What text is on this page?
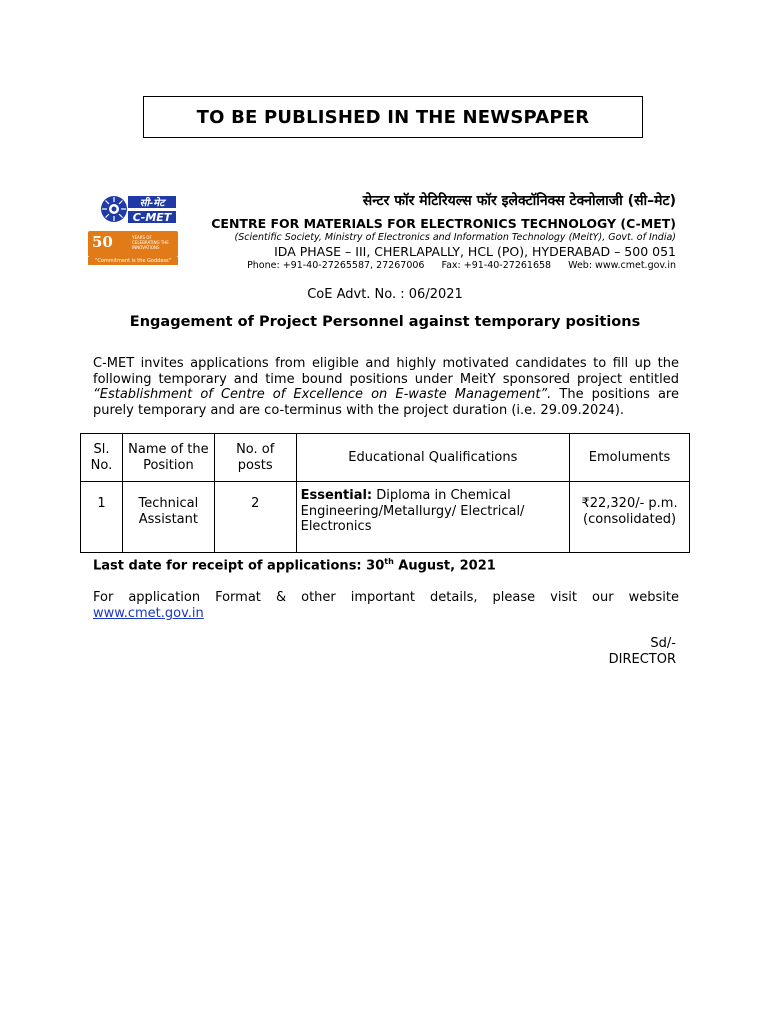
TO BE PUBLISHED IN THE NEWSPAPER
सी-मेट
C-MET
50	YEARS OF CELEBRATING THE INNOVATIONS
"Commitment is the Goddess"
सेन्टर फॉर मेटिरियल्स फॉर इलेक्टॉनिक्स टेक्नोलाजी (सी–मेट)
CENTRE FOR MATERIALS FOR ELECTRONICS TECHNOLOGY (C-MET)
(Scientific Society, Ministry of Electronics and Information Technology (MeitY), Govt. of India)
IDA PHASE – III, CHERLAPALLY, HCL (PO), HYDERABAD – 500 051
Phone: +91-40-27265587, 27267006 Fax: +91-40-27261658 Web: www.cmet.gov.in
CoE Advt. No. : 06/2021
Engagement of Project Personnel against temporary positions
C-MET invites applications from eligible and highly motivated candidates to fill up the following temporary and time bound positions under MeitY sponsored project entitled “Establishment of Centre of Excellence on E-waste Management”. The positions are purely temporary and are co-terminus with the project duration (i.e. 29.09.2024).
Sl. No.	Name of the Position	No. of posts	Educational Qualifications	Emoluments
1	Technical Assistant	2	Essential: Diploma in Chemical Engineering/Metallurgy/ Electrical/ Electronics	₹22,320/- p.m. (consolidated)
Last date for receipt of applications: 30th August, 2021
For application Format & other important details, please visit our website
www.cmet.gov.in
Sd/-
DIRECTOR
